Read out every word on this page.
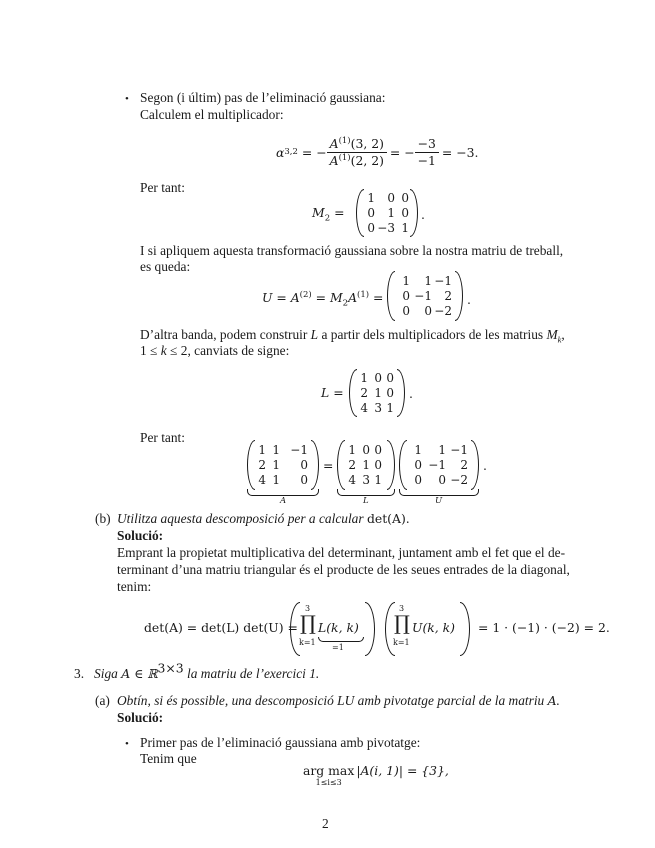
• Segon (i últim) pas de l’eliminació gaussiana:
Calculem el multiplicador:
α 3,2 = − $\frac{A^{(1)}(3, 2)}{A^{(1)}(2, 2)}$ = − $\frac{-3}{-1} = -3$.
Per tant:
$M_2$ =
1	0 0
0	1 0
0 −3 1
.
I si apliquem aquesta transformació gaussiana sobre la nostra matriu de treball,
es queda:
$U = A^{(2)} = M_2A^{(1)}$ =
1	1 −1
0 −1	2
0	0 −2
.
D’altra banda, podem construir L a partir dels multiplicadors de les matrius $M_k$,
1 ≤ k ≤ 2, canviats de signe:
L =
1 0 0
2 1 0
4 3 1
.
Per tant:
1 1 −1
2 1	0
4 1	0
=
1 0 0
2 1 0
4 3 1
1	1 −1
0 −1	2
0	0 −2
.
A	L	U
(b) Utilitza aquesta descomposició per a calcular det(A).
Solució:
Emprant la propietat multiplicativa del determinant, juntament amb el fet que el de-
terminant d’una matriu triangular és el producte de les seues entrades de la diagonal,
tenim:
det(A) = det(L) det(U) =
3
∏
k=1
L(k, k)
=1
3
∏
k=1
U(k, k) = 1 · (−1) · (−2) = 2.
3. Siga A ∈ ℝ$^{3\times 3}$ la matriu de l’exercici 1.
(a) Obtín, si és possible, una descomposició LU amb pivotatge parcial de la matriu A.
Solució:
• Primer pas de l’eliminació gaussiana amb pivotatge:
Tenim que
arg max
1≤i≤3
|A(i, 1)| = {3},
2
